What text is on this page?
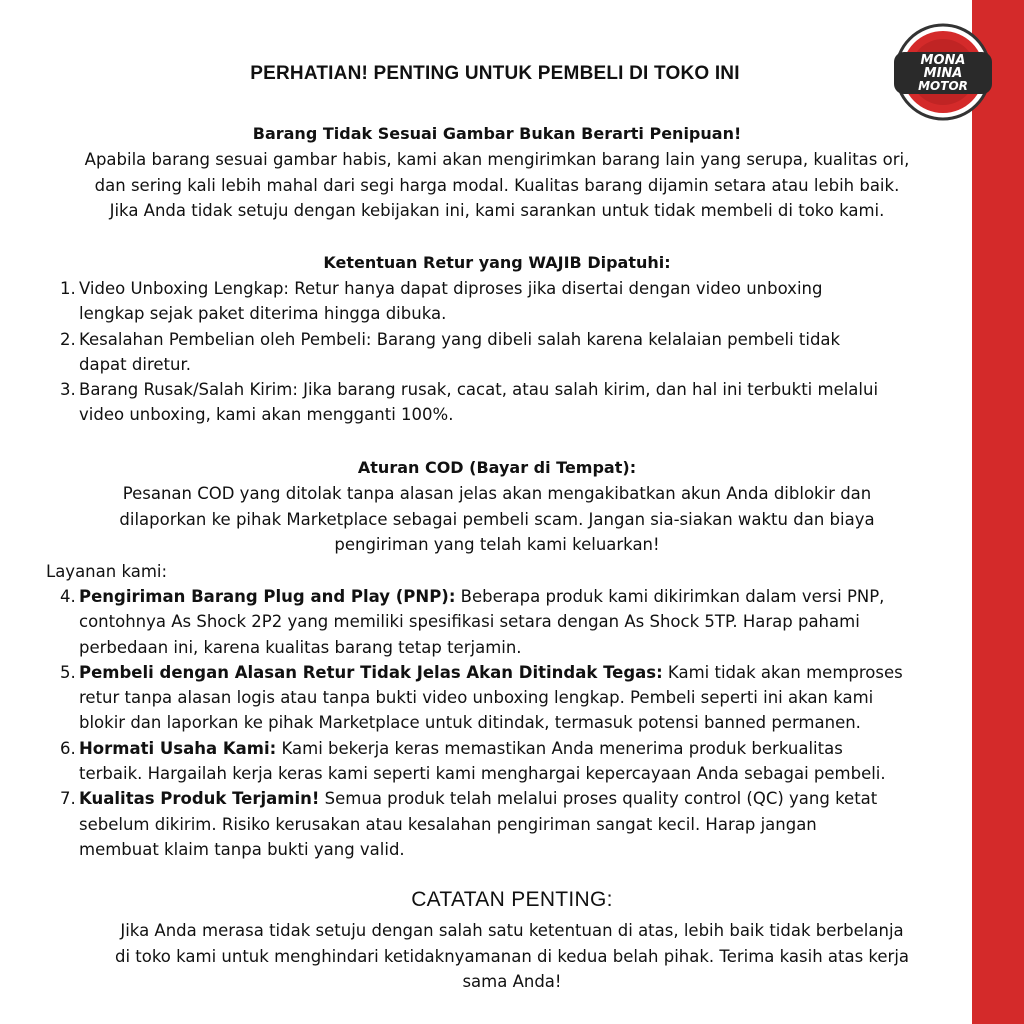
MONA
MINA
MOTOR
PERHATIAN! PENTING UNTUK PEMBELI DI TOKO INI
Barang Tidak Sesuai Gambar Bukan Berarti Penipuan!
Apabila barang sesuai gambar habis, kami akan mengirimkan barang lain yang serupa, kualitas ori,
dan sering kali lebih mahal dari segi harga modal. Kualitas barang dijamin setara atau lebih baik.
Jika Anda tidak setuju dengan kebijakan ini, kami sarankan untuk tidak membeli di toko kami.
Ketentuan Retur yang WAJIB Dipatuhi:
1. Video Unboxing Lengkap: Retur hanya dapat diproses jika disertai dengan video unboxing
lengkap sejak paket diterima hingga dibuka.
2. Kesalahan Pembelian oleh Pembeli: Barang yang dibeli salah karena kelalaian pembeli tidak
dapat diretur.
3. Barang Rusak/Salah Kirim: Jika barang rusak, cacat, atau salah kirim, dan hal ini terbukti melalui
video unboxing, kami akan mengganti 100%.
Aturan COD (Bayar di Tempat):
Pesanan COD yang ditolak tanpa alasan jelas akan mengakibatkan akun Anda diblokir dan
dilaporkan ke pihak Marketplace sebagai pembeli scam. Jangan sia-siakan waktu dan biaya
pengiriman yang telah kami keluarkan!
Layanan kami:
4. Pengiriman Barang Plug and Play (PNP): Beberapa produk kami dikirimkan dalam versi PNP,
contohnya As Shock 2P2 yang memiliki spesifikasi setara dengan As Shock 5TP. Harap pahami
perbedaan ini, karena kualitas barang tetap terjamin.
5. Pembeli dengan Alasan Retur Tidak Jelas Akan Ditindak Tegas: Kami tidak akan memproses
retur tanpa alasan logis atau tanpa bukti video unboxing lengkap. Pembeli seperti ini akan kami
blokir dan laporkan ke pihak Marketplace untuk ditindak, termasuk potensi banned permanen.
6. Hormati Usaha Kami: Kami bekerja keras memastikan Anda menerima produk berkualitas
terbaik. Hargailah kerja keras kami seperti kami menghargai kepercayaan Anda sebagai pembeli.
7. Kualitas Produk Terjamin! Semua produk telah melalui proses quality control (QC) yang ketat
sebelum dikirim. Risiko kerusakan atau kesalahan pengiriman sangat kecil. Harap jangan
membuat klaim tanpa bukti yang valid.
CATATAN PENTING:
Jika Anda merasa tidak setuju dengan salah satu ketentuan di atas, lebih baik tidak berbelanja
di toko kami untuk menghindari ketidaknyamanan di kedua belah pihak. Terima kasih atas kerja
sama Anda!
